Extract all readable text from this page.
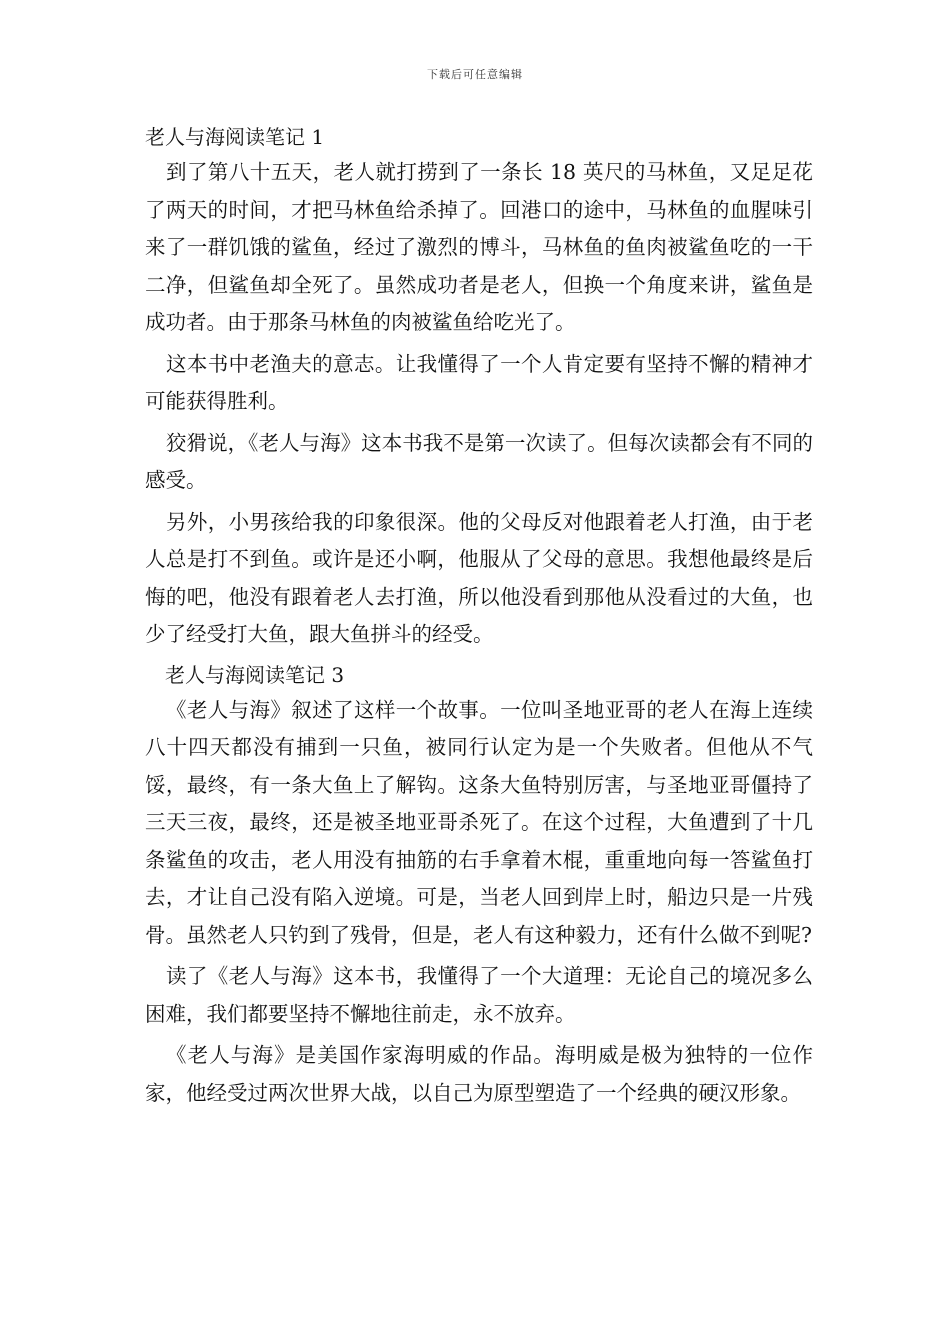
下载后可任意编辑
老人与海阅读笔记 1

到了第八十五天，老人就打捞到了一条长 18 英尺的马林鱼，又足足花了两天的时间，才把马林鱼给杀掉了。回港口的途中，马林鱼的血腥味引来了一群饥饿的鲨鱼，经过了激烈的博斗，马林鱼的鱼肉被鲨鱼吃的一干二净，但鲨鱼却全死了。虽然成功者是老人，但换一个角度来讲，鲨鱼是成功者。由于那条马林鱼的肉被鲨鱼给吃光了。

这本书中老渔夫的意志。让我懂得了一个人肯定要有坚持不懈的精神才可能获得胜利。

狡猾说，《老人与海》这本书我不是第一次读了。但每次读都会有不同的感受。

另外，小男孩给我的印象很深。他的父母反对他跟着老人打渔，由于老人总是打不到鱼。或许是还小啊，他服从了父母的意思。我想他最终是后悔的吧，他没有跟着老人去打渔，所以他没看到那他从没看过的大鱼，也少了经受打大鱼，跟大鱼拼斗的经受。

老人与海阅读笔记 3

《老人与海》叙述了这样一个故事。一位叫圣地亚哥的老人在海上连续八十四天都没有捕到一只鱼，被同行认定为是一个失败者。但他从不气馁，最终，有一条大鱼上了解钩。这条大鱼特别厉害，与圣地亚哥僵持了三天三夜，最终，还是被圣地亚哥杀死了。在这个过程，大鱼遭到了十几条鲨鱼的攻击，老人用没有抽筋的右手拿着木棍，重重地向每一答鲨鱼打去，才让自己没有陷入逆境。可是，当老人回到岸上时，船边只是一片残骨。虽然老人只钓到了残骨，但是，老人有这种毅力，还有什么做不到呢?

读了《老人与海》这本书，我懂得了一个大道理：无论自己的境况多么困难，我们都要坚持不懈地往前走，永不放弃。

《老人与海》是美国作家海明威的作品。海明威是极为独特的一位作家，他经受过两次世界大战，以自己为原型塑造了一个经典的硬汉形象。
